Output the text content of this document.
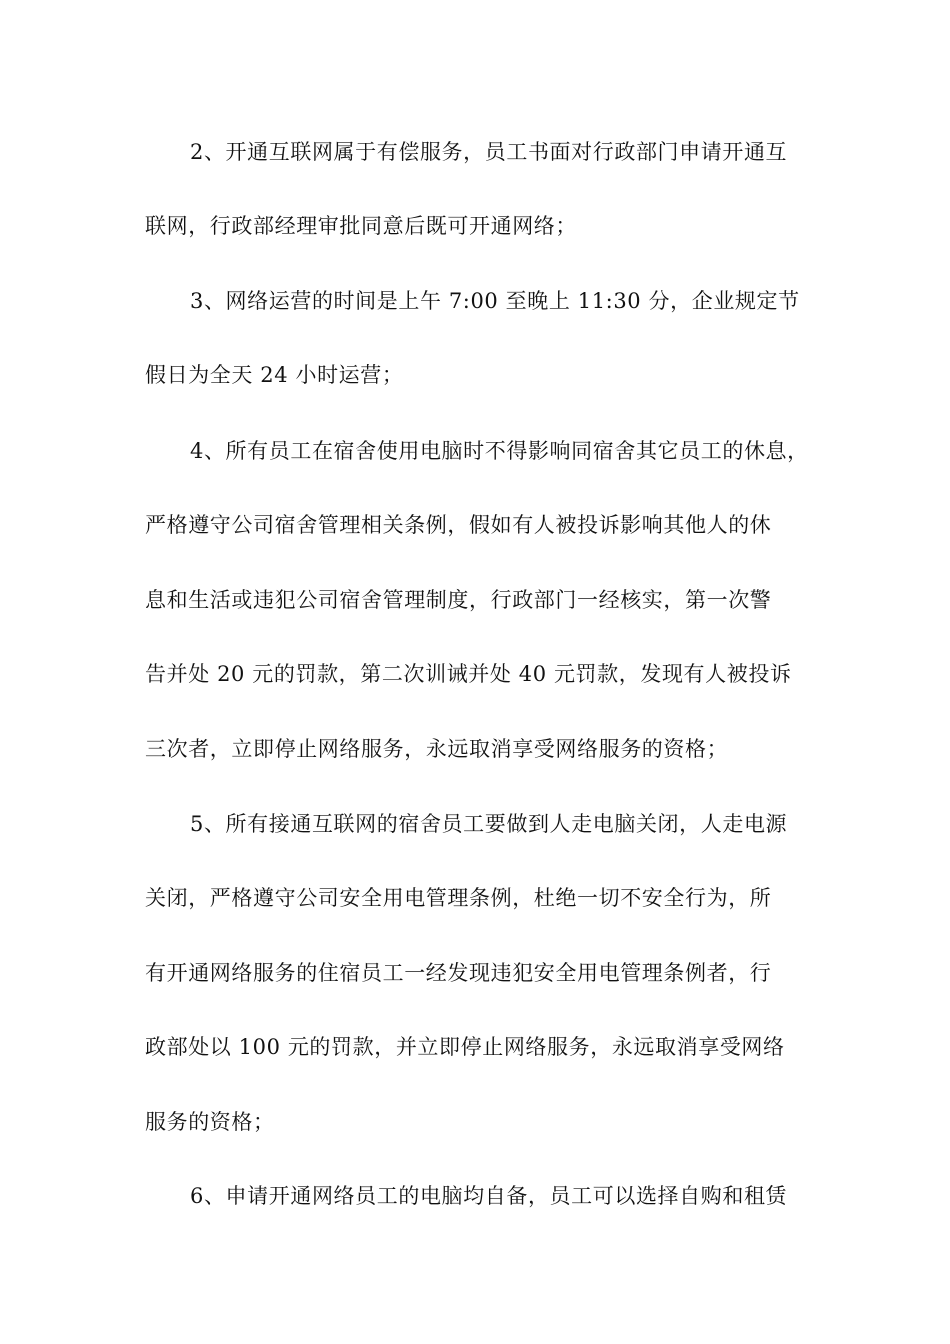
2、开通互联网属于有偿服务，员工书面对行政部门申请开通互
联网，行政部经理审批同意后既可开通网络；
3、网络运营的时间是上午 7:00 至晚上 11:30 分，企业规定节
假日为全天 24 小时运营；
4、所有员工在宿舍使用电脑时不得影响同宿舍其它员工的休息，
严格遵守公司宿舍管理相关条例，假如有人被投诉影响其他人的休
息和生活或违犯公司宿舍管理制度，行政部门一经核实，第一次警
告并处 20 元的罚款，第二次训诫并处 40 元罚款，发现有人被投诉
三次者，立即停止网络服务，永远取消享受网络服务的资格；
5、所有接通互联网的宿舍员工要做到人走电脑关闭，人走电源
关闭，严格遵守公司安全用电管理条例，杜绝一切不安全行为，所
有开通网络服务的住宿员工一经发现违犯安全用电管理条例者，行
政部处以 100 元的罚款，并立即停止网络服务，永远取消享受网络
服务的资格；
6、申请开通网络员工的电脑均自备，员工可以选择自购和租赁
